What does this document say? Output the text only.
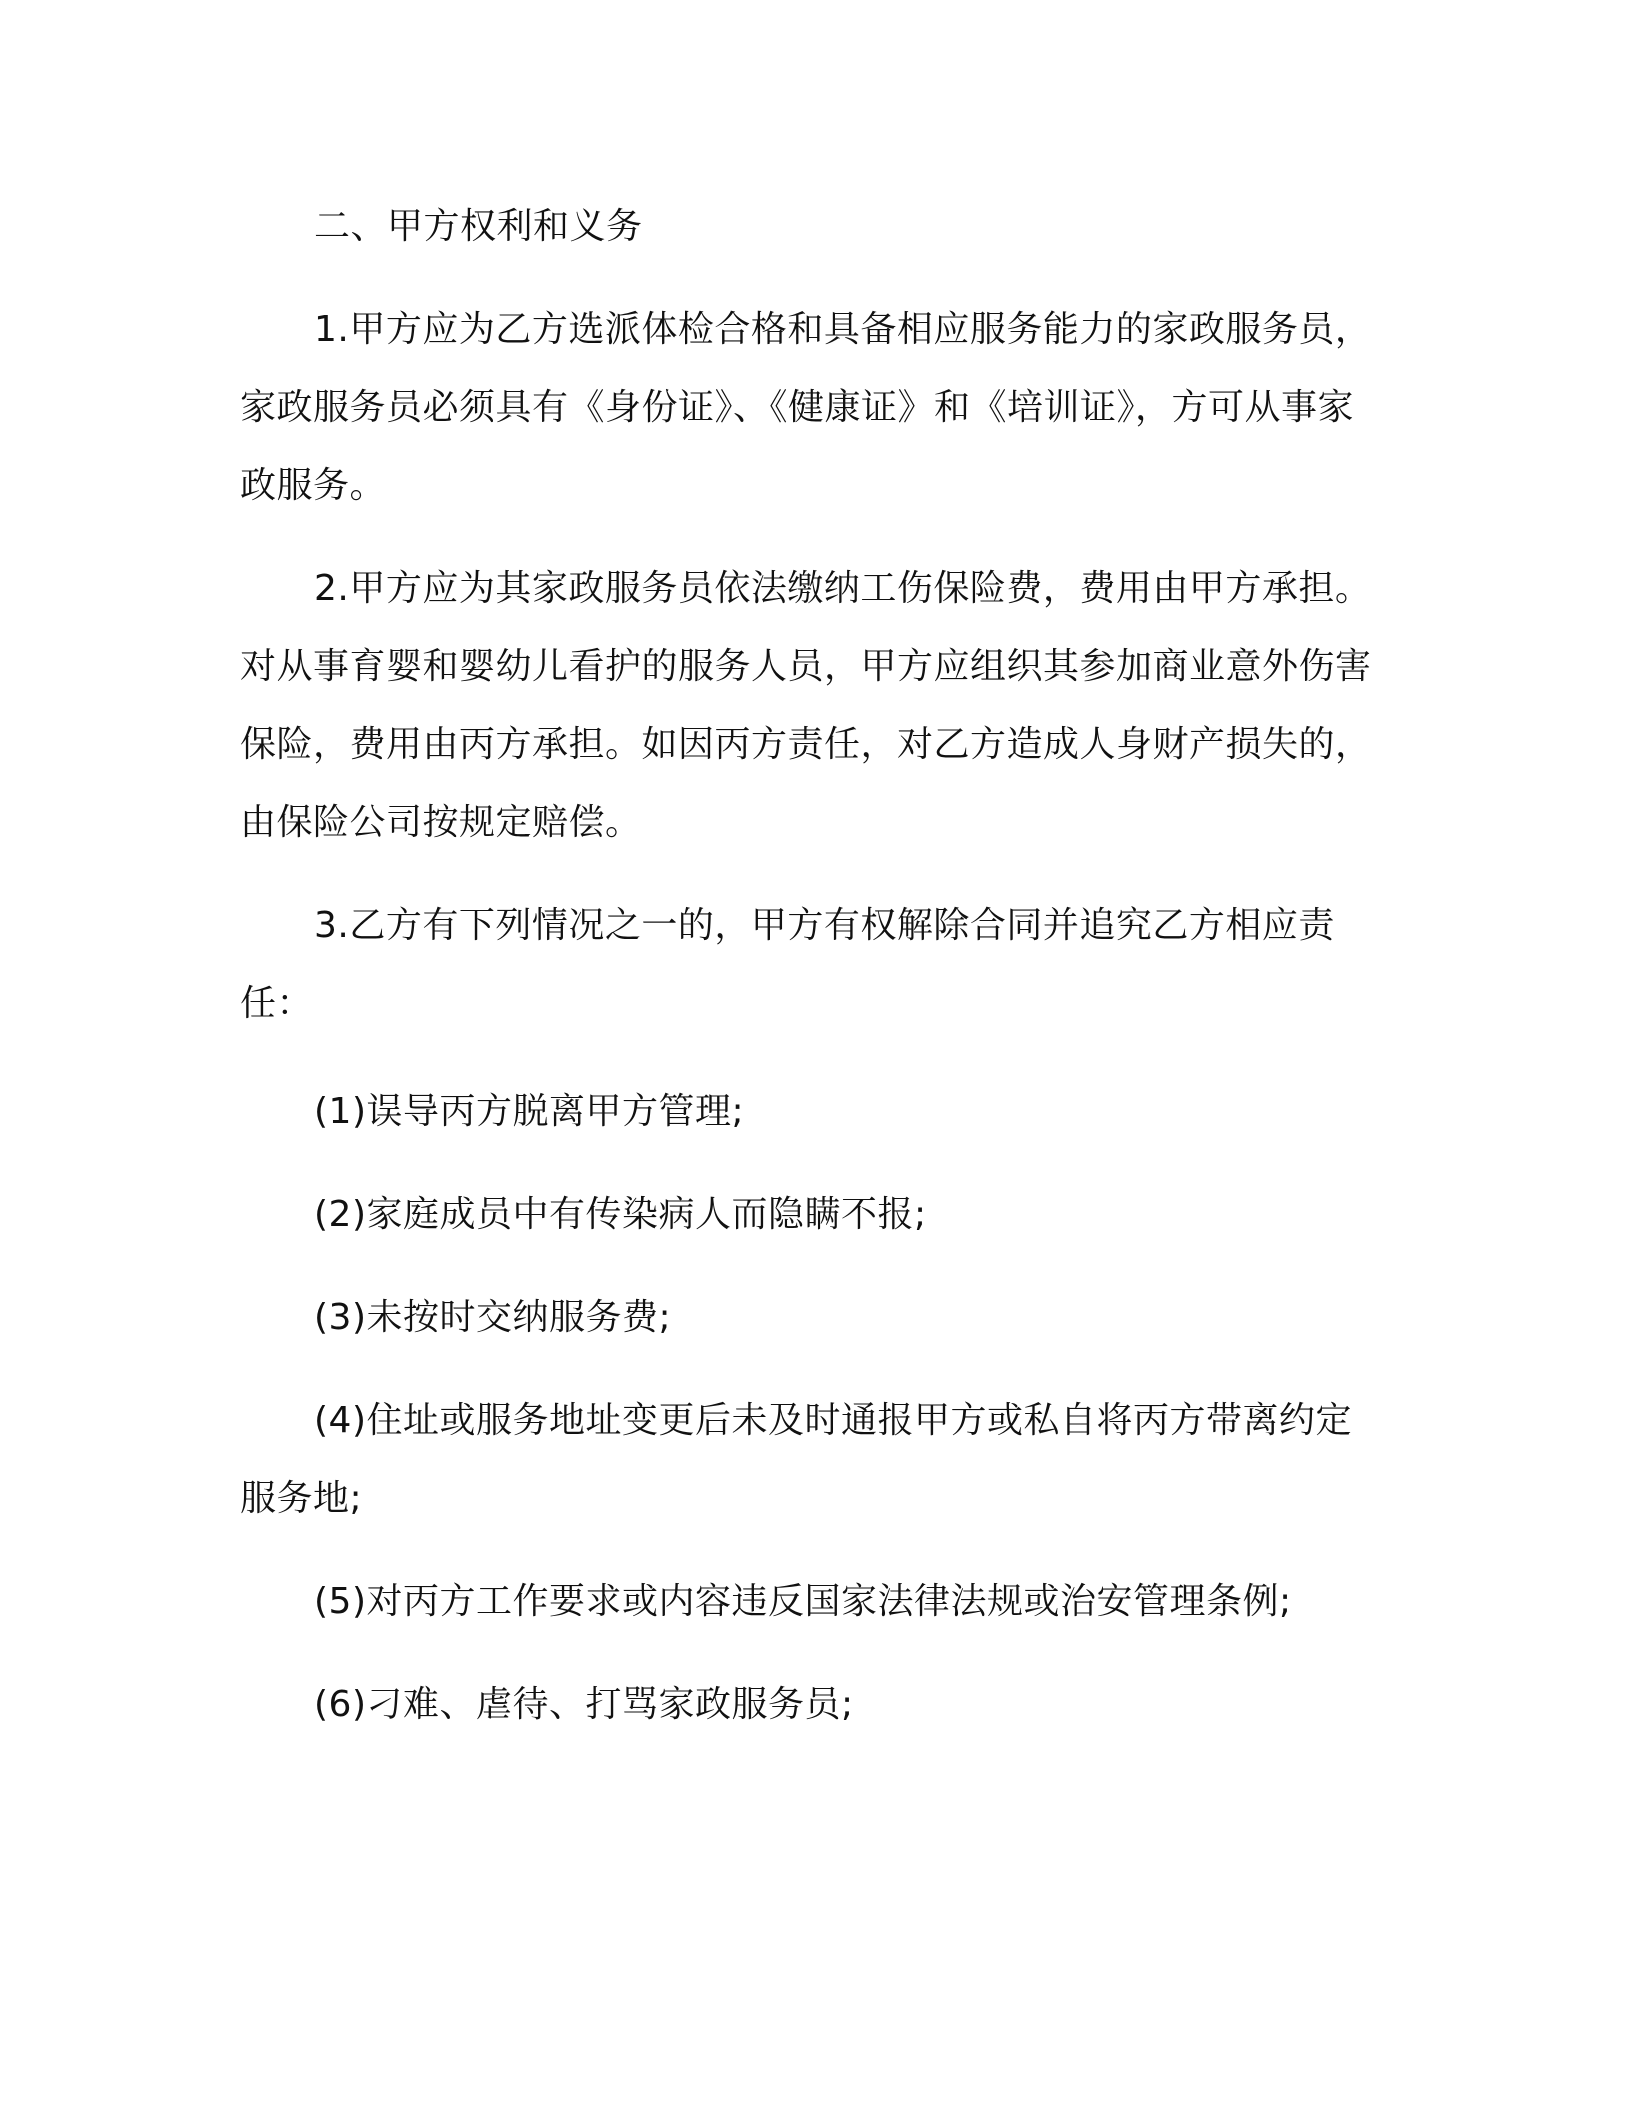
二、甲方权利和义务

1.甲方应为乙方选派体检合格和具备相应服务能力的家政服务员，家政服务员必须具有《身份证》、《健康证》和《培训证》，方可从事家政服务。

2.甲方应为其家政服务员依法缴纳工伤保险费，费用由甲方承担。对从事育婴和婴幼儿看护的服务人员，甲方应组织其参加商业意外伤害保险，费用由丙方承担。如因丙方责任，对乙方造成人身财产损失的，由保险公司按规定赔偿。

3.乙方有下列情况之一的，甲方有权解除合同并追究乙方相应责任：

(1)误导丙方脱离甲方管理;

(2)家庭成员中有传染病人而隐瞒不报;

(3)未按时交纳服务费;

(4)住址或服务地址变更后未及时通报甲方或私自将丙方带离约定服务地;

(5)对丙方工作要求或内容违反国家法律法规或治安管理条例;

(6)刁难、虐待、打骂家政服务员;
